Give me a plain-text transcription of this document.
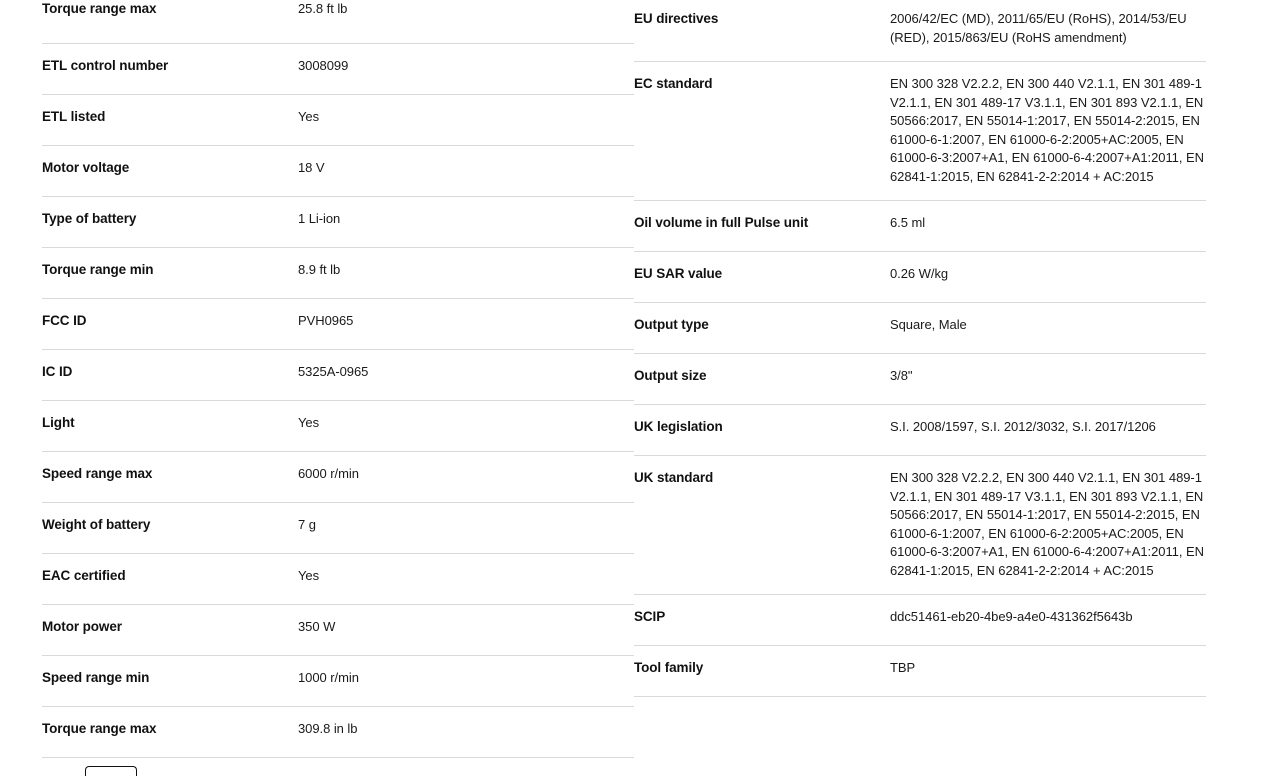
Torque range max	25.8 ft lb
ETL control number	3008099
ETL listed	Yes
Motor voltage	18 V
Type of battery	1 Li-ion
Torque range min	8.9 ft lb
FCC ID	PVH0965
IC ID	5325A-0965
Light	Yes
Speed range max	6000 r/min
Weight of battery	7 g
EAC certified	Yes
Motor power	350 W
Speed range min	1000 r/min
Torque range max	309.8 in lb
EU directives	2006/42/EC (MD), 2011/65/EU (RoHS), 2014/53/EU (RED), 2015/863/EU (RoHS amendment)
EC standard	EN 300 328 V2.2.2, EN 300 440 V2.1.1, EN 301 489-1 V2.1.1, EN 301 489-17 V3.1.1, EN 301 893 V2.1.1, EN 50566:2017, EN 55014-1:2017, EN 55014-2:2015, EN 61000-6-1:2007, EN 61000-6-2:2005+AC:2005, EN 61000-6-3:2007+A1, EN 61000-6-4:2007+A1:2011, EN 62841-1:2015, EN 62841-2-2:2014 + AC:2015
Oil volume in full Pulse unit	6.5 ml
EU SAR value	0.26 W/kg
Output type	Square, Male
Output size	3/8"
UK legislation	S.I. 2008/1597, S.I. 2012/3032, S.I. 2017/1206
UK standard	EN 300 328 V2.2.2, EN 300 440 V2.1.1, EN 301 489-1 V2.1.1, EN 301 489-17 V3.1.1, EN 301 893 V2.1.1, EN 50566:2017, EN 55014-1:2017, EN 55014-2:2015, EN 61000-6-1:2007, EN 61000-6-2:2005+AC:2005, EN 61000-6-3:2007+A1, EN 61000-6-4:2007+A1:2011, EN 62841-1:2015, EN 62841-2-2:2014 + AC:2015
SCIP	ddc51461-eb20-4be9-a4e0-431362f5643b
Tool family	TBP
